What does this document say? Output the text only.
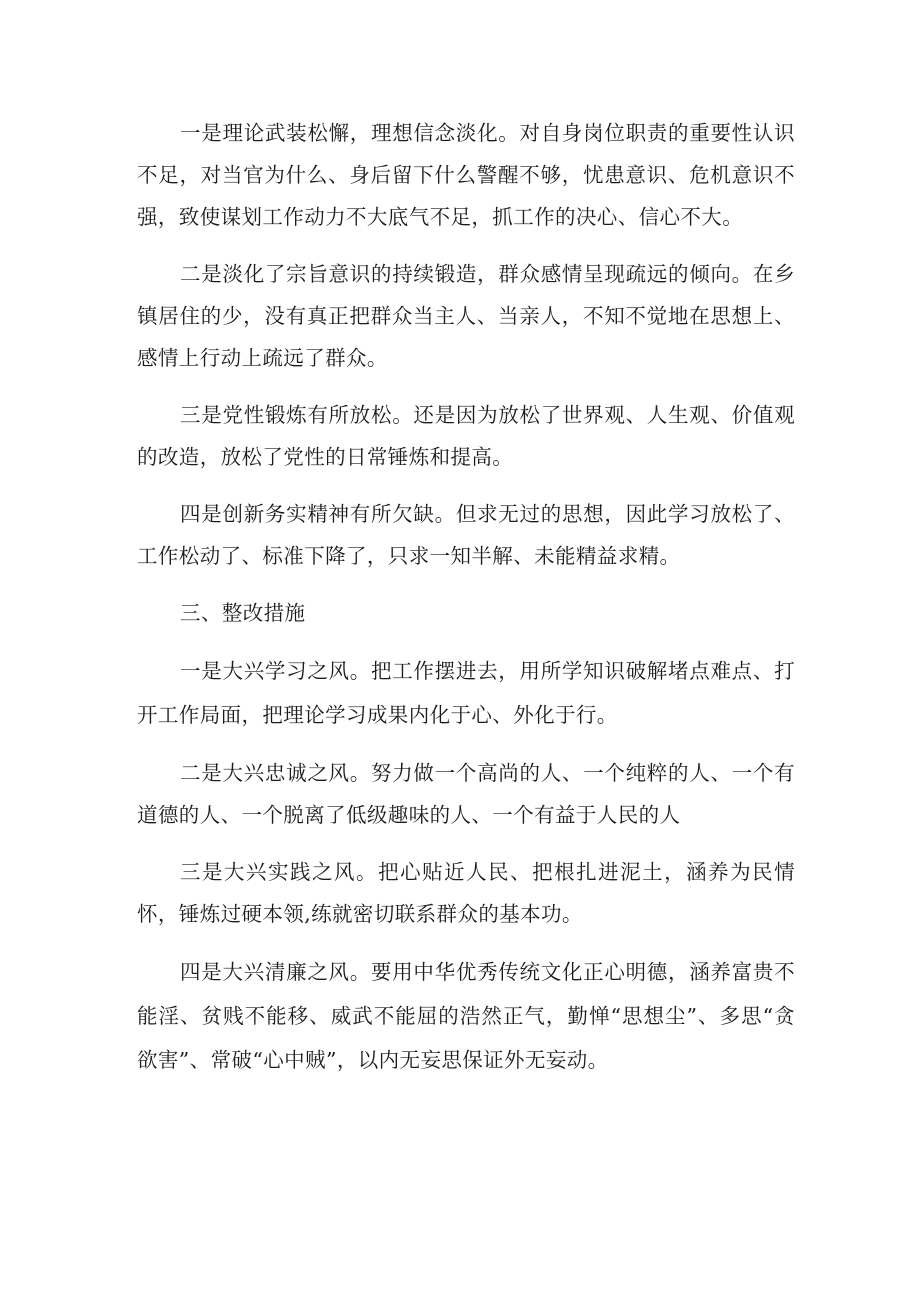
一是理论武装松懈，理想信念淡化。对自身岗位职责的重要性认识不足，对当官为什么、身后留下什么警醒不够，忧患意识、危机意识不强，致使谋划工作动力不大底气不足，抓工作的决心、信心不大。

二是淡化了宗旨意识的持续锻造，群众感情呈现疏远的倾向。在乡镇居住的少，没有真正把群众当主人、当亲人，不知不觉地在思想上、感情上行动上疏远了群众。

三是党性锻炼有所放松。还是因为放松了世界观、人生观、价值观的改造，放松了党性的日常锤炼和提高。

四是创新务实精神有所欠缺。但求无过的思想，因此学习放松了、工作松动了、标准下降了，只求一知半解、未能精益求精。

三、整改措施

一是大兴学习之风。把工作摆进去，用所学知识破解堵点难点、打开工作局面，把理论学习成果内化于心、外化于行。

二是大兴忠诚之风。努力做一个高尚的人、一个纯粹的人、一个有道德的人、一个脱离了低级趣味的人、一个有益于人民的人

三是大兴实践之风。把心贴近人民、把根扎进泥土，涵养为民情怀，锤炼过硬本领,练就密切联系群众的基本功。

四是大兴清廉之风。要用中华优秀传统文化正心明德，涵养富贵不能淫、贫贱不能移、威武不能屈的浩然正气，勤惮“思想尘”、多思“贪欲害”、常破“心中贼”，以内无妄思保证外无妄动。
